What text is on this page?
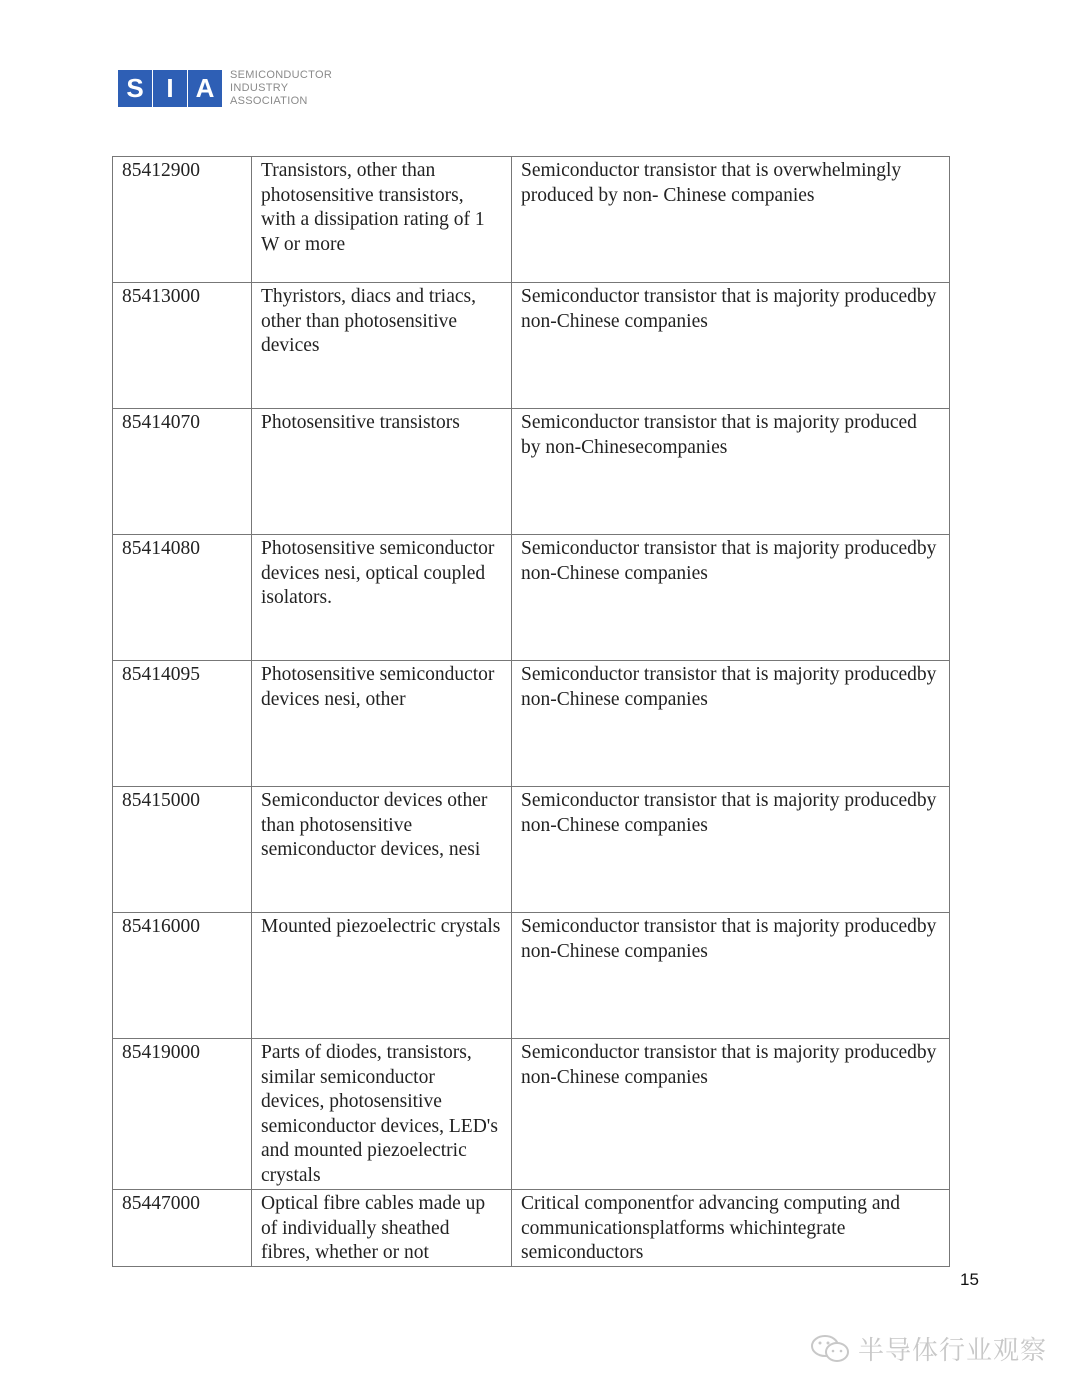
S I A	SEMICONDUCTOR
INDUSTRY
ASSOCIATION
85412900	Transistors, other than photosensitive transistors, with a dissipation rating of 1 W or more	Semiconductor transistor that is overwhelmingly produced by non- Chinese companies
85413000	Thyristors, diacs and triacs, other than photosensitive devices	Semiconductor transistor that is majority producedby non-Chinese companies
85414070	Photosensitive transistors	Semiconductor transistor that is majority produced by non-Chinesecompanies
85414080	Photosensitive semiconductor devices nesi, optical coupled isolators.	Semiconductor transistor that is majority producedby non-Chinese companies
85414095	Photosensitive semiconductor devices nesi, other	Semiconductor transistor that is majority producedby non-Chinese companies
85415000	Semiconductor devices other than photosensitive semiconductor devices, nesi	Semiconductor transistor that is majority producedby non-Chinese companies
85416000	Mounted piezoelectric crystals	Semiconductor transistor that is majority producedby non-Chinese companies
85419000	Parts of diodes, transistors, similar semiconductor devices, photosensitive semiconductor devices, LED's and mounted piezoelectric crystals	Semiconductor transistor that is majority producedby non-Chinese companies
85447000	Optical fibre cables made up of individually sheathed fibres, whether or not	Critical componentfor advancing computing and communicationsplatforms whichintegrate semiconductors
15
半导体行业观察
